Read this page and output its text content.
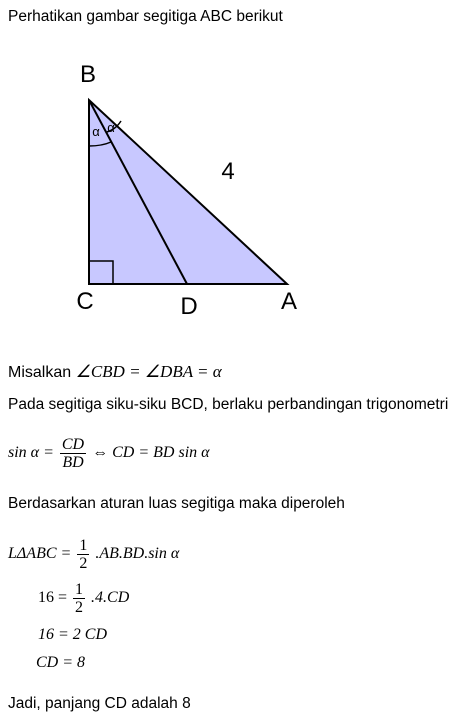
Perhatikan gambar segitiga ABC berikut
B
C	D	A
4
α α
Misalkan ∠CBD = ∠DBA = α
Pada segitiga siku-siku BCD, berlaku perbandingan trigonometri
$\sin \alpha = \frac{CD}{BD}$ ⇔ CD = BD sin α
Berdasarkan aturan luas segitiga maka diperoleh
$L\Delta ABC = \frac{1}{2} .AB.BD.\sin$ α
$16 = \frac{1}{2} .4.CD$
16 = 2 CD
CD = 8
Jadi, panjang CD adalah 8
